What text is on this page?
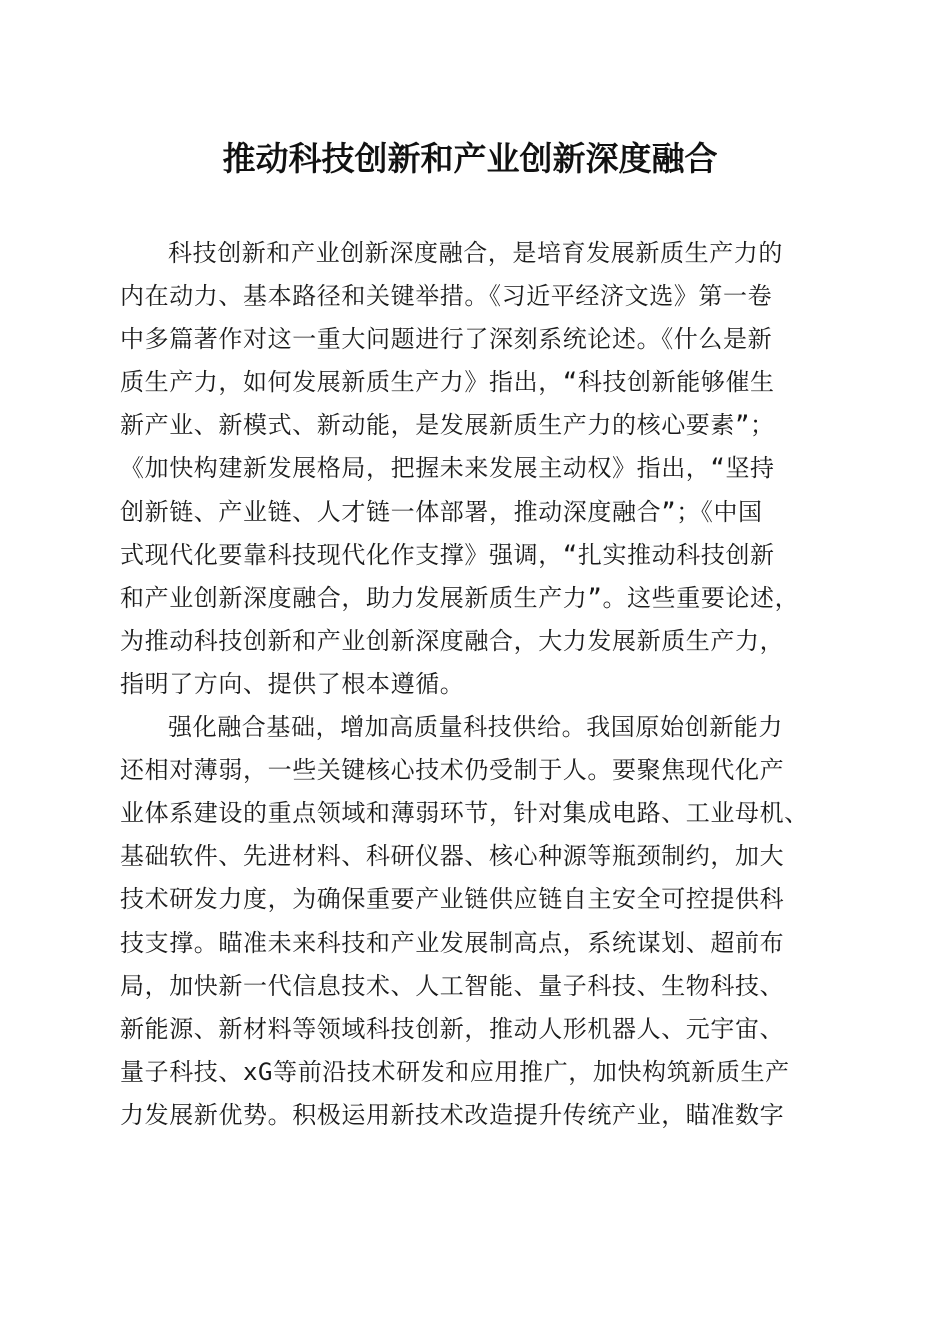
推动科技创新和产业创新深度融合
科技创新和产业创新深度融合，是培育发展新质生产力的
内在动力、基本路径和关键举措。《习近平经济文选》第一卷
中多篇著作对这一重大问题进行了深刻系统论述。《什么是新
质生产力，如何发展新质生产力》指出，“科技创新能够催生
新产业、新模式、新动能，是发展新质生产力的核心要素”；
《加快构建新发展格局，把握未来发展主动权》指出，“坚持
创新链、产业链、人才链一体部署，推动深度融合”；《中国
式现代化要靠科技现代化作支撑》强调，“扎实推动科技创新
和产业创新深度融合，助力发展新质生产力”。这些重要论述，
为推动科技创新和产业创新深度融合，大力发展新质生产力，
指明了方向、提供了根本遵循。
强化融合基础，增加高质量科技供给。我国原始创新能力
还相对薄弱，一些关键核心技术仍受制于人。要聚焦现代化产
业体系建设的重点领域和薄弱环节，针对集成电路、工业母机、
基础软件、先进材料、科研仪器、核心种源等瓶颈制约，加大
技术研发力度，为确保重要产业链供应链自主安全可控提供科
技支撑。瞄准未来科技和产业发展制高点，系统谋划、超前布
局，加快新一代信息技术、人工智能、量子科技、生物科技、
新能源、新材料等领域科技创新，推动人形机器人、元宇宙、
量子科技、xG等前沿技术研发和应用推广，加快构筑新质生产
力发展新优势。积极运用新技术改造提升传统产业，瞄准数字
